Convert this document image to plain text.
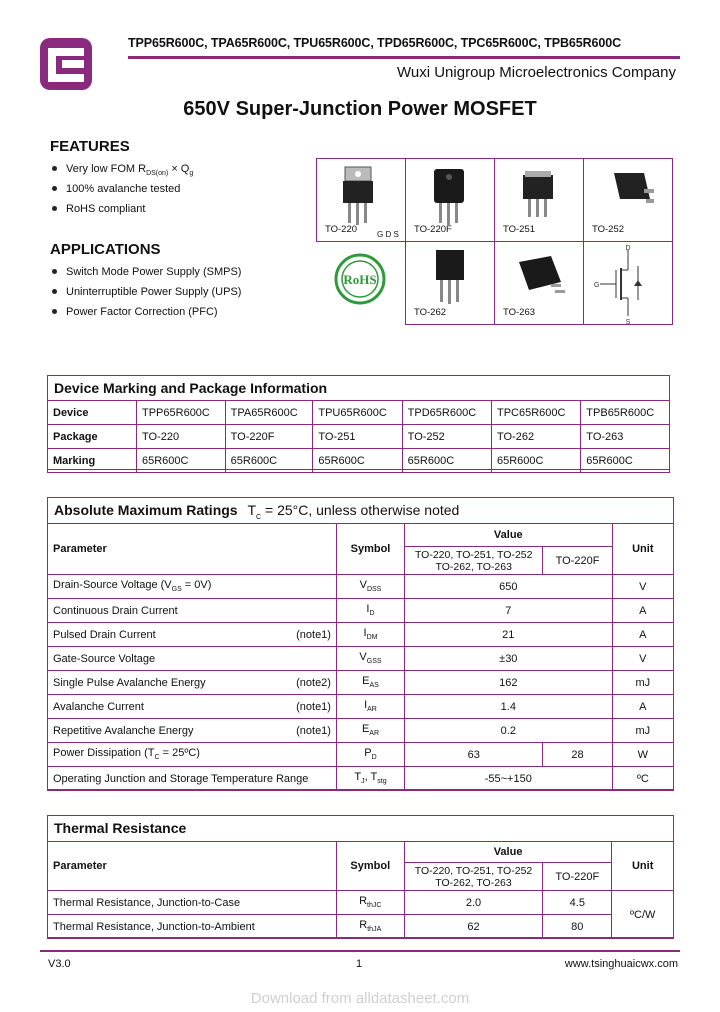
TPP65R600C, TPA65R600C, TPU65R600C, TPD65R600C, TPC65R600C, TPB65R600C
Wuxi Unigroup Microelectronics Company
650V Super-Junction Power MOSFET
FEATURES
Very low FOM $R_{DS(on)} \times Q_g$
100% avalanche tested
RoHS compliant
APPLICATIONS
Switch Mode Power Supply (SMPS)
Uninterruptible Power Supply (UPS)
Power Factor Correction (PFC)
TO-220 G D S TO-220F	TO-251	TO-252
RoHS
TO-262	TO-263
D
G
S
Device Marking and Package Information
Device	TPP65R600C	TPA65R600C	TPU65R600C	TPD65R600C	TPC65R600C	TPB65R600C
Package	TO-220	TO-220F	TO-251	TO-252	TO-262	TO-263
Marking	65R600C	65R600C	65R600C	65R600C	65R600C	65R600C
Absolute Maximum Ratings $T_C = 25^\circ C$, unless otherwise noted
Parameter	Symbol	Value		Unit
		TO-220, TO-251, TO-252
TO-262, TO-263	TO-220F	
Drain-Source Voltage $(V_{GS} = 0V)$	$V_{DSS}$	650		V
Continuous Drain Current	$I_D$	7		A
Pulsed Drain Current (note1)	$I_{DM}$	21		A
Gate-Source Voltage	$V_{GSS}$	±30		V
Single Pulse Avalanche Energy (note2)	$E_{AS}$	162		mJ
Avalanche Current (note1)	$I_{AR}$	1.4		A
Repetitive Avalanche Energy (note1)	$E_{AR}$	0.2		mJ
Power Dissipation ($T_C$ = 25ºC)	$P_D$	63	28	W
Operating Junction and Storage Temperature Range	$T_J$, $T_{stg}$	-55~+150		ºC
Thermal Resistance
Parameter	Symbol	Value		Unit
		TO-220, TO-251, TO-252
TO-262, TO-263	TO-220F	
Thermal Resistance, Junction-to-Case	$R_{thJC}$	2.0	4.5	ºC/W
Thermal Resistance, Junction-to-Ambient	$R_{thJA}$	62	80	
V3.0	1	www.tsinghuaicwx.com
Download from alldatasheet.com
